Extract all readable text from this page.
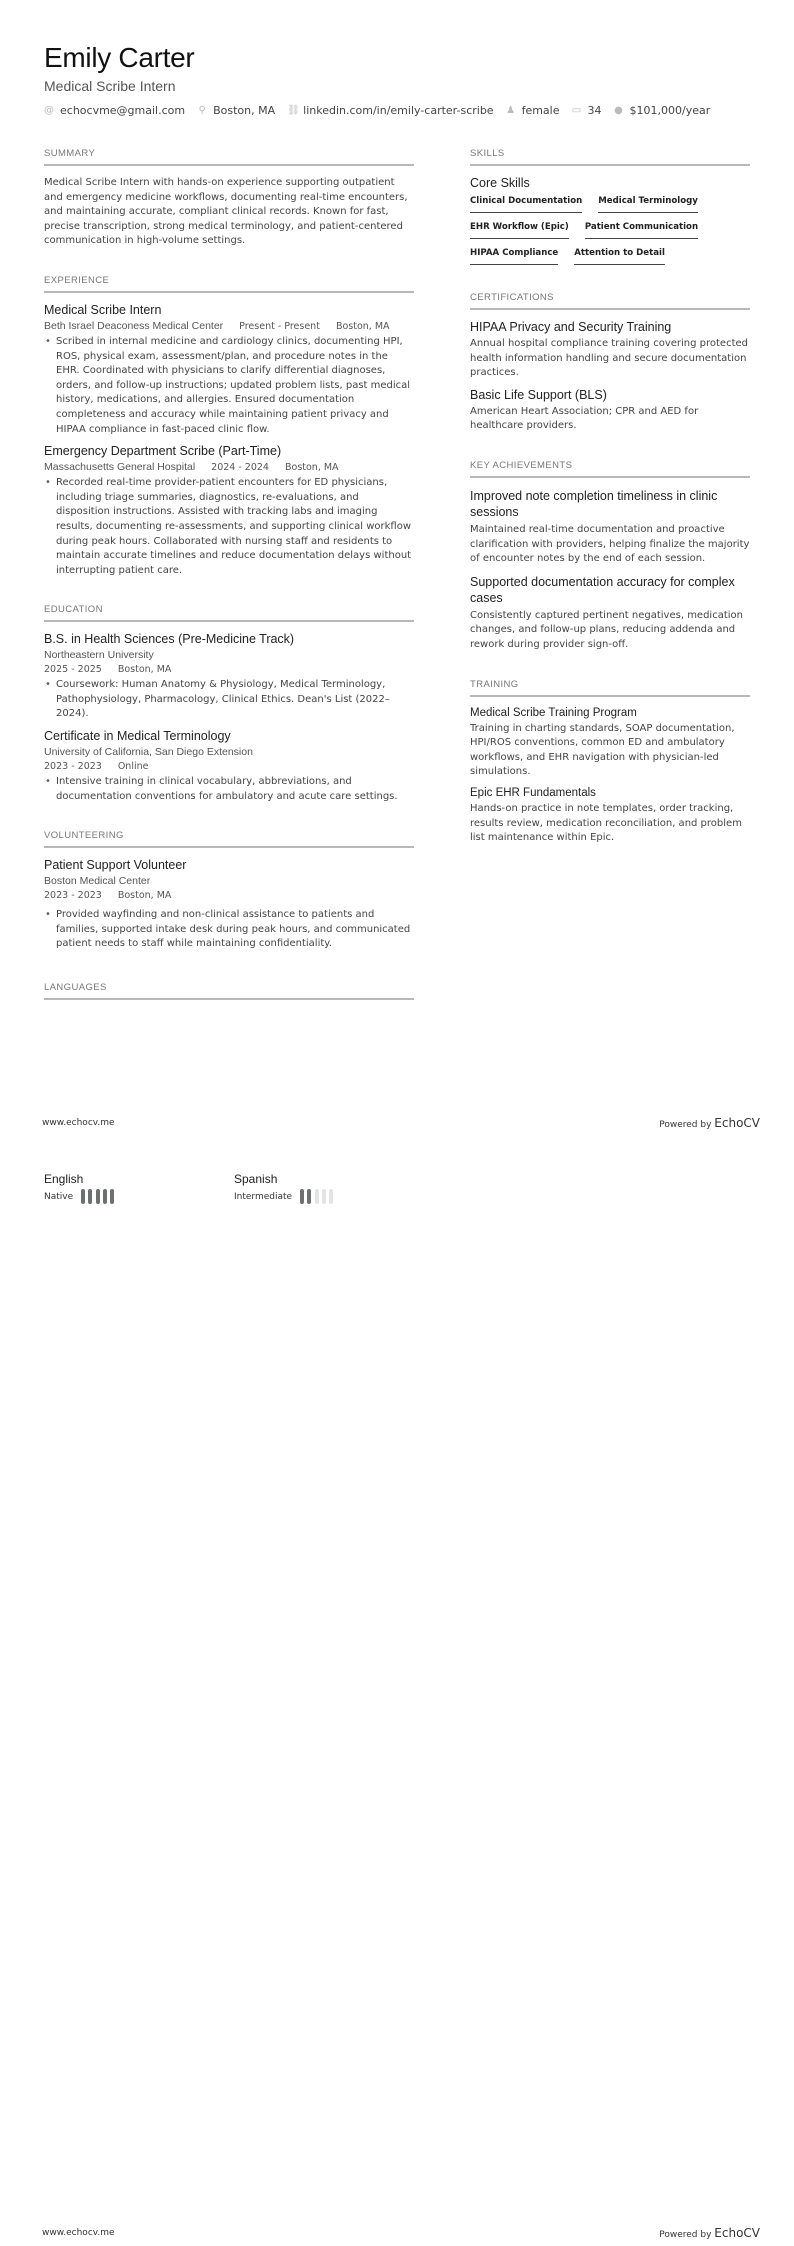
Emily Carter
Medical Scribe Intern
@ echocvme@gmail.com ⚲ Boston, MA ⛓ linkedin.com/in/emily-carter-scribe ♟ female ▭ 34 ● $101,000/year
SUMMARY

Medical Scribe Intern with hands-on experience supporting outpatient and emergency medicine workflows, documenting real-time encounters, and maintaining accurate, compliant clinical records. Known for fast, precise transcription, strong medical terminology, and patient-centered communication in high-volume settings.

EXPERIENCE
Medical Scribe Intern
Beth Israel Deaconess Medical Center Present - Present Boston, MA
• Scribed in internal medicine and cardiology clinics, documenting HPI, ROS, physical exam, assessment/plan, and procedure notes in the EHR. Coordinated with physicians to clarify differential diagnoses, orders, and follow-up instructions; updated problem lists, past medical history, medications, and allergies. Ensured documentation completeness and accuracy while maintaining patient privacy and HIPAA compliance in fast-paced clinic flow.
Emergency Department Scribe (Part-Time)
Massachusetts General Hospital 2024 - 2024 Boston, MA
• Recorded real-time provider-patient encounters for ED physicians, including triage summaries, diagnostics, re-evaluations, and disposition instructions. Assisted with tracking labs and imaging results, documenting re-assessments, and supporting clinical workflow during peak hours. Collaborated with nursing staff and residents to maintain accurate timelines and reduce documentation delays without interrupting patient care.
EDUCATION
B.S. in Health Sciences (Pre-Medicine Track)
Northeastern University
2025 - 2025 Boston, MA
• Coursework: Human Anatomy & Physiology, Medical Terminology, Pathophysiology, Pharmacology, Clinical Ethics. Dean's List (2022–2024).
Certificate in Medical Terminology
University of California, San Diego Extension
2023 - 2023 Online
• Intensive training in clinical vocabulary, abbreviations, and documentation conventions for ambulatory and acute care settings.
VOLUNTEERING
Patient Support Volunteer
Boston Medical Center
2023 - 2023 Boston, MA
• Provided wayfinding and non-clinical assistance to patients and families, supported intake desk during peak hours, and communicated patient needs to staff while maintaining confidentiality.
LANGUAGES
SKILLS
Core Skills
Clinical Documentation Medical Terminology
EHR Workflow (Epic) Patient Communication
HIPAA Compliance Attention to Detail
CERTIFICATIONS
HIPAA Privacy and Security Training

Annual hospital compliance training covering protected health information handling and secure documentation practices.

Basic Life Support (BLS)

American Heart Association; CPR and AED for healthcare providers.

KEY ACHIEVEMENTS
Improved note completion timeliness in clinic sessions

Maintained real-time documentation and proactive clarification with providers, helping finalize the majority of encounter notes by the end of each session.

Supported documentation accuracy for complex cases

Consistently captured pertinent negatives, medication changes, and follow-up plans, reducing addenda and rework during provider sign-off.

TRAINING
Medical Scribe Training Program

Training in charting standards, SOAP documentation, HPI/ROS conventions, common ED and ambulatory workflows, and EHR navigation with physician-led simulations.

Epic EHR Fundamentals

Hands-on practice in note templates, order tracking, results review, medication reconciliation, and problem list maintenance within Epic.

www.echocv.me	Powered by EchoCV
English
Native
Spanish
Intermediate
www.echocv.me	Powered by EchoCV
